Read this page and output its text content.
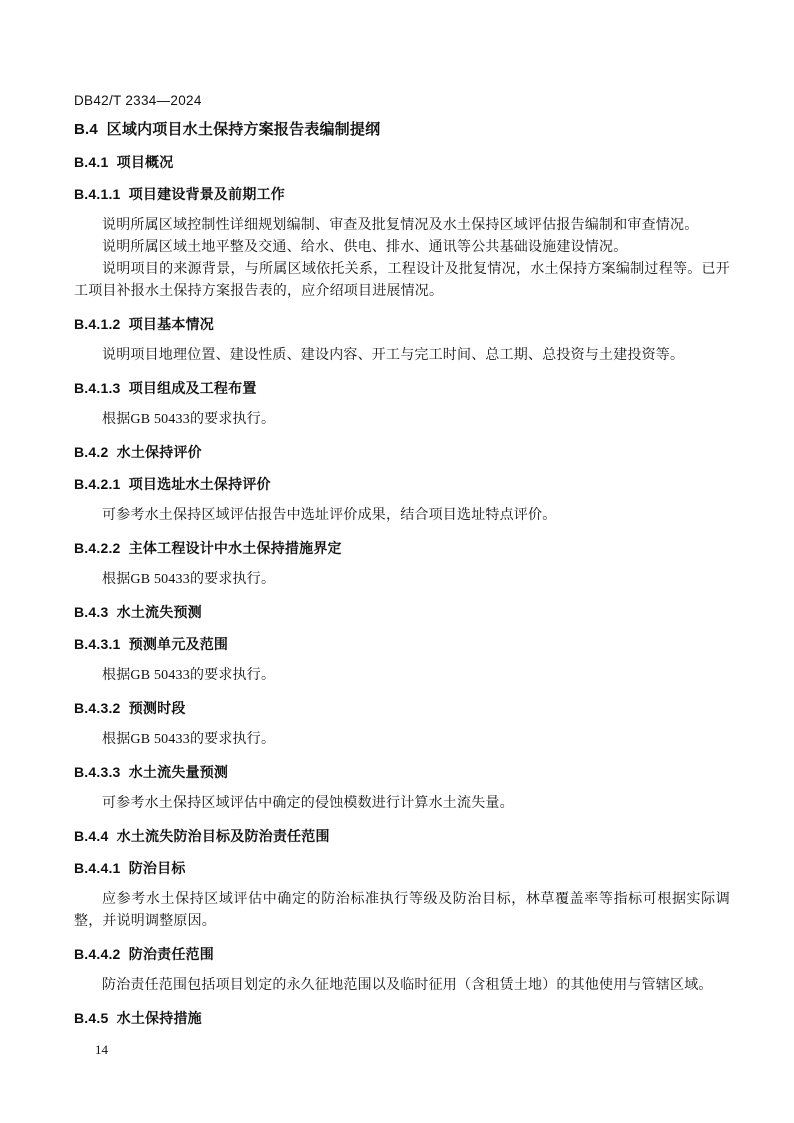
DB42/T 2334—2024
B.4  区域内项目水土保持方案报告表编制提纲
B.4.1  项目概况
B.4.1.1  项目建设背景及前期工作

说明所属区域控制性详细规划编制、审查及批复情况及水土保持区域评估报告编制和审查情况。

说明所属区域土地平整及交通、给水、供电、排水、通讯等公共基础设施建设情况。

说明项目的来源背景，与所属区域依托关系，工程设计及批复情况，水土保持方案编制过程等。已开工项目补报水土保持方案报告表的，应介绍项目进展情况。

B.4.1.2  项目基本情况

说明项目地理位置、建设性质、建设内容、开工与完工时间、总工期、总投资与土建投资等。

B.4.1.3  项目组成及工程布置

根据GB 50433的要求执行。

B.4.2  水土保持评价
B.4.2.1  项目选址水土保持评价

可参考水土保持区域评估报告中选址评价成果，结合项目选址特点评价。

B.4.2.2  主体工程设计中水土保持措施界定

根据GB 50433的要求执行。

B.4.3  水土流失预测
B.4.3.1  预测单元及范围

根据GB 50433的要求执行。

B.4.3.2  预测时段

根据GB 50433的要求执行。

B.4.3.3  水土流失量预测

可参考水土保持区域评估中确定的侵蚀模数进行计算水土流失量。

B.4.4  水土流失防治目标及防治责任范围
B.4.4.1  防治目标

应参考水土保持区域评估中确定的防治标准执行等级及防治目标，林草覆盖率等指标可根据实际调整，并说明调整原因。

B.4.4.2  防治责任范围

防治责任范围包括项目划定的永久征地范围以及临时征用（含租赁土地）的其他使用与管辖区域。

B.4.5  水土保持措施
14
